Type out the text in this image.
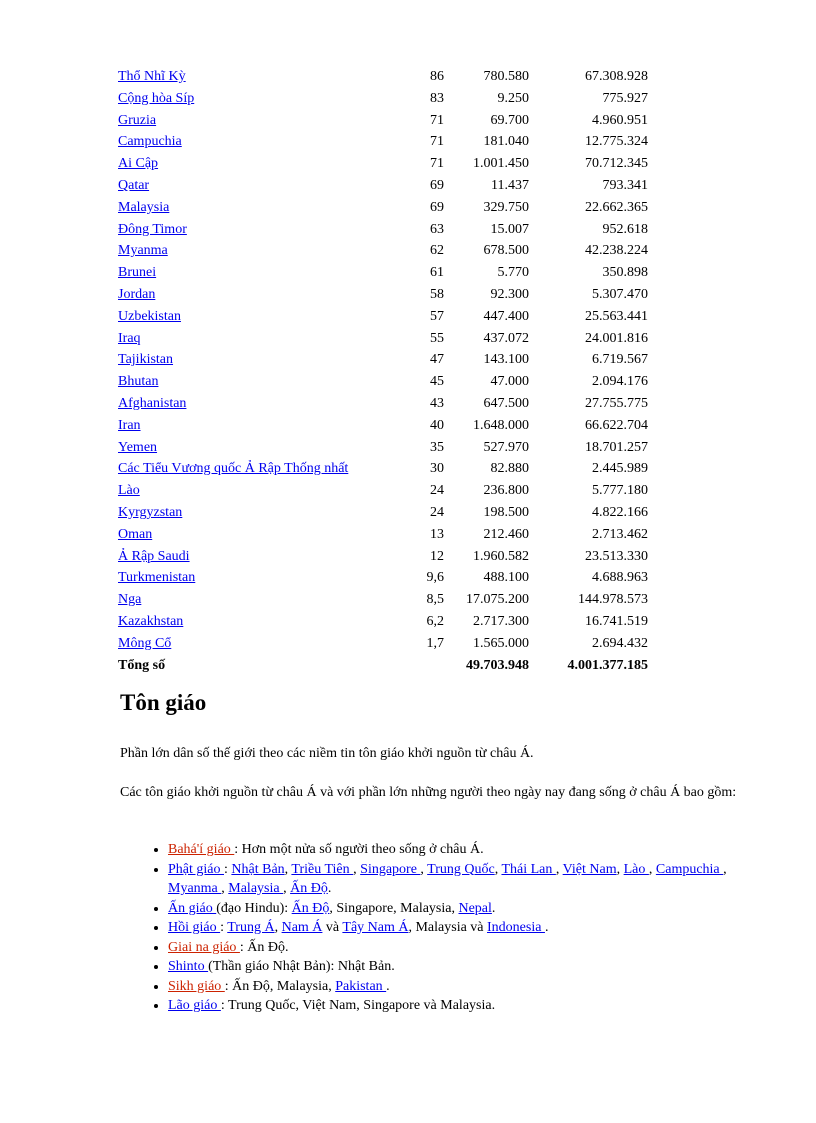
Thổ Nhĩ Kỳ	86	780.580	67.308.928
Cộng hòa Síp	83	9.250	775.927
Gruzia	71	69.700	4.960.951
Campuchia	71	181.040	12.775.324
Ai Cập	71	1.001.450	70.712.345
Qatar	69	11.437	793.341
Malaysia	69	329.750	22.662.365
Đông Timor	63	15.007	952.618
Myanma	62	678.500	42.238.224
Brunei	61	5.770	350.898
Jordan	58	92.300	5.307.470
Uzbekistan	57	447.400	25.563.441
Iraq	55	437.072	24.001.816
Tajikistan	47	143.100	6.719.567
Bhutan	45	47.000	2.094.176
Afghanistan	43	647.500	27.755.775
Iran	40	1.648.000	66.622.704
Yemen	35	527.970	18.701.257
Các Tiểu Vương quốc Ả Rập Thống nhất	30	82.880	2.445.989
Lào	24	236.800	5.777.180
Kyrgyzstan	24	198.500	4.822.166
Oman	13	212.460	2.713.462
Ả Rập Saudi	12	1.960.582	23.513.330
Turkmenistan	9,6	488.100	4.688.963
Nga	8,5	17.075.200	144.978.573
Kazakhstan	6,2	2.717.300	16.741.519
Mông Cổ	1,7	1.565.000	2.694.432
Tổng số		49.703.948	4.001.377.185
Tôn giáo

Phần lớn dân số thế giới theo các niềm tin tôn giáo khởi nguồn từ châu Á.

Các tôn giáo khởi nguồn từ châu Á và với phần lớn những người theo ngày nay đang sống ở châu Á bao gồm:

• Bahá'í giáo : Hơn một nửa số người theo sống ở châu Á.
• Phật giáo : Nhật Bản, Triều Tiên , Singapore , Trung Quốc, Thái Lan , Việt Nam, Lào , Campuchia , Myanma , Malaysia , Ấn Độ.
• Ấn giáo (đạo Hindu): Ấn Độ, Singapore, Malaysia, Nepal.
• Hồi giáo : Trung Á, Nam Á và Tây Nam Á, Malaysia và Indonesia .
• Giai na giáo : Ấn Độ.
• Shinto (Thần giáo Nhật Bản): Nhật Bản.
• Sikh giáo : Ấn Độ, Malaysia, Pakistan .
• Lão giáo : Trung Quốc, Việt Nam, Singapore và Malaysia.
